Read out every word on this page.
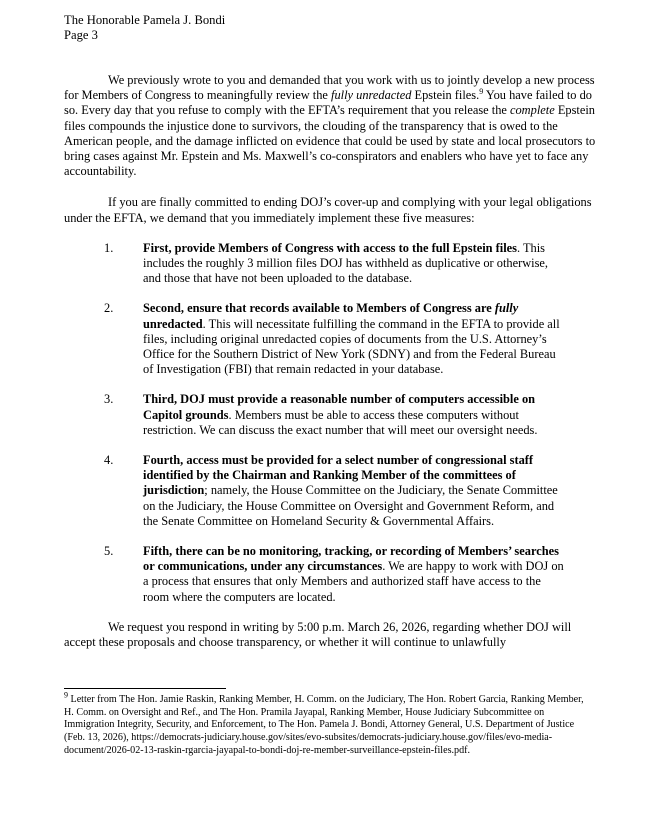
The Honorable Pamela J. Bondi
Page 3

We previously wrote to you and demanded that you work with us to jointly develop a new process for Members of Congress to meaningfully review the fully unredacted Epstein files.$^9$ You have failed to do so. Every day that you refuse to comply with the EFTA’s requirement that you release the complete Epstein files compounds the injustice done to survivors, the clouding of the transparency that is owed to the American people, and the damage inflicted on evidence that could be used by state and local prosecutors to bring cases against Mr. Epstein and Ms. Maxwell’s co-conspirators and enablers who have yet to face any accountability.

If you are finally committed to ending DOJ’s cover-up and complying with your legal obligations under the EFTA, we demand that you immediately implement these five measures:

1.	First, provide Members of Congress with access to the full Epstein files. This includes the roughly 3 million files DOJ has withheld as duplicative or otherwise, and those that have not been uploaded to the database.
2.	Second, ensure that records available to Members of Congress are fully unredacted. This will necessitate fulfilling the command in the EFTA to provide all files, including original unredacted copies of documents from the U.S. Attorney’s Office for the Southern District of New York (SDNY) and from the Federal Bureau of Investigation (FBI) that remain redacted in your database.
3.	Third, DOJ must provide a reasonable number of computers accessible on Capitol grounds. Members must be able to access these computers without restriction. We can discuss the exact number that will meet our oversight needs.
4.	Fourth, access must be provided for a select number of congressional staff identified by the Chairman and Ranking Member of the committees of jurisdiction; namely, the House Committee on the Judiciary, the Senate Committee on the Judiciary, the House Committee on Oversight and Government Reform, and the Senate Committee on Homeland Security & Governmental Affairs.
5.	Fifth, there can be no monitoring, tracking, or recording of Members’ searches or communications, under any circumstances. We are happy to work with DOJ on a process that ensures that only Members and authorized staff have access to the room where the computers are located.

We request you respond in writing by 5:00 p.m. March 26, 2026, regarding whether DOJ will accept these proposals and choose transparency, or whether it will continue to unlawfully

$^9$ Letter from The Hon. Jamie Raskin, Ranking Member, H. Comm. on the Judiciary, The Hon. Robert Garcia, Ranking Member, H. Comm. on Oversight and Ref., and The Hon. Pramila Jayapal, Ranking Member, House Judiciary Subcommittee on Immigration Integrity, Security, and Enforcement, to The Hon. Pamela J. Bondi, Attorney General, U.S. Department of Justice (Feb. 13, 2026), https://democrats-judiciary.house.gov/sites/evo-subsites/democrats-judiciary.house.gov/files/evo-media-document/2026-02-13-raskin-rgarcia-jayapal-to-bondi-doj-re-member-surveillance-epstein-files.pdf.
